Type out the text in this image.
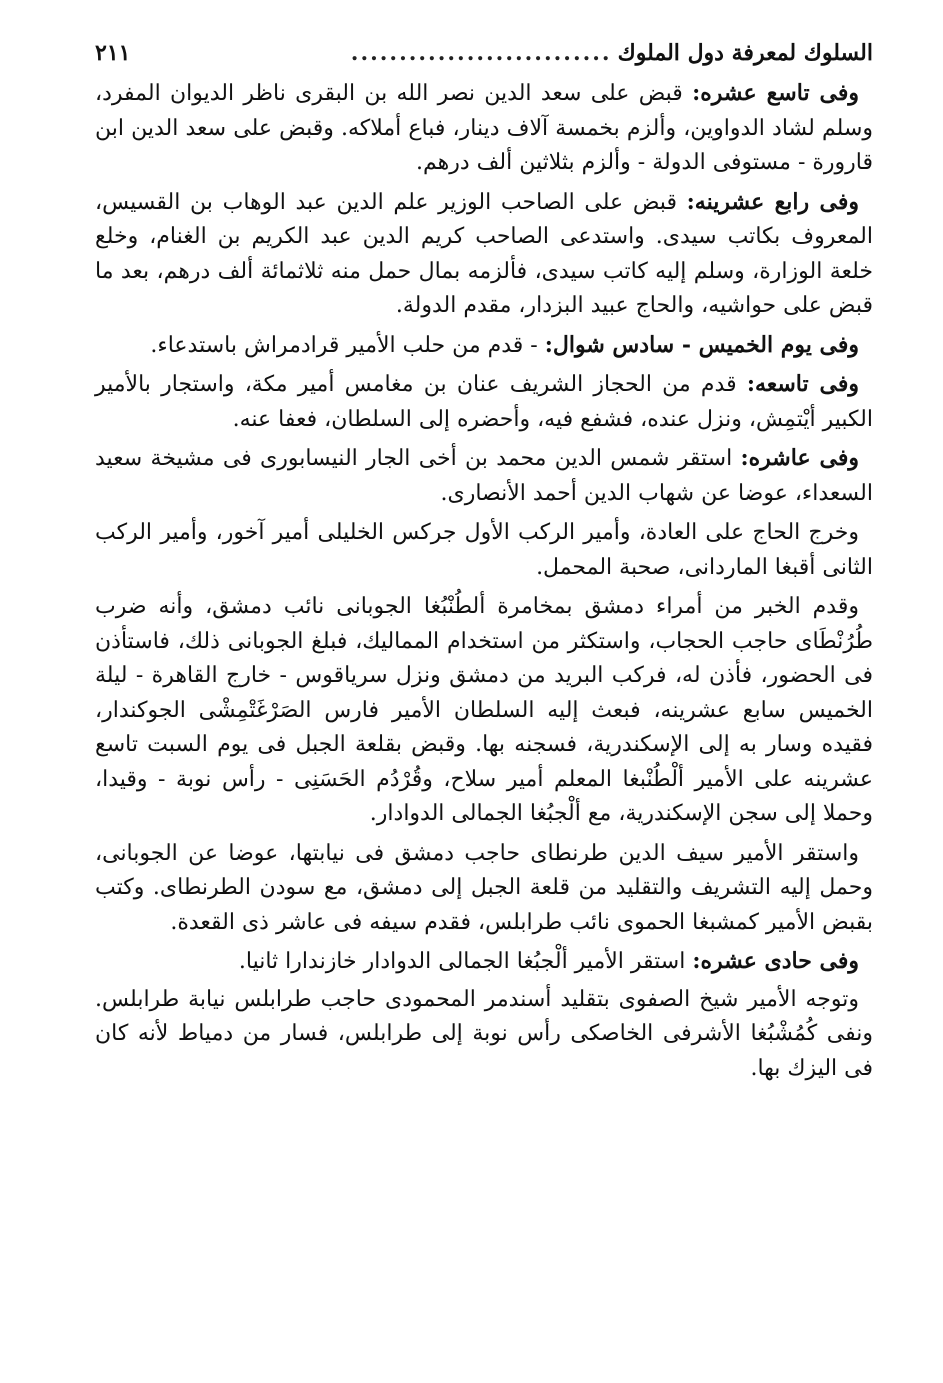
السلوك لمعرفة دول الملوك
...........................
٢١١

وفى تاسع عشره: قبض على سعد الدين نصر الله بن البقرى ناظر الديوان المفرد، وسلم لشاد الدواوين، وألزم بخمسة آلاف دينار، فباع أملاكه. وقبض على سعد الدين ابن قارورة - مستوفى الدولة - وألزم بثلاثين ألف درهم.

وفى رابع عشرينه: قبض على الصاحب الوزير علم الدين عبد الوهاب بن القسيس، المعروف بكاتب سيدى. واستدعى الصاحب كريم الدين عبد الكريم بن الغنام، وخلع خلعة الوزارة، وسلم إليه كاتب سيدى، فألزمه بمال حمل منه ثلاثمائة ألف درهم، بعد ما قبض على حواشيه، والحاج عبيد البزدار، مقدم الدولة.

وفى يوم الخميس - سادس شوال: - قدم من حلب الأمير قرادمراش باستدعاء.

وفى تاسعه: قدم من الحجاز الشريف عنان بن مغامس أمير مكة، واستجار بالأمير الكبير أيْتمِش، ونزل عنده، فشفع فيه، وأحضره إلى السلطان، فعفا عنه.

وفى عاشره: استقر شمس الدين محمد بن أخى الجار النيسابورى فى مشيخة سعيد السعداء، عوضا عن شهاب الدين أحمد الأنصارى.

وخرج الحاج على العادة، وأمير الركب الأول جركس الخليلى أمير آخور، وأمير الركب الثانى أقبغا الماردانى، صحبة المحمل.

وقدم الخبر من أمراء دمشق بمخامرة ألطُنْبُغا الجوبانى نائب دمشق، وأنه ضرب طُرُنْطَاى حاجب الحجاب، واستكثر من استخدام المماليك، فبلغ الجوبانى ذلك، فاستأذن فى الحضور، فأذن له، فركب البريد من دمشق ونزل سرياقوس - خارج القاهرة - ليلة الخميس سابع عشرينه، فبعث إليه السلطان الأمير فارس الصَرْغَتْمِشْى الجوكندار، فقيده وسار به إلى الإسكندرية، فسجنه بها. وقبض بقلعة الجبل فى يوم السبت تاسع عشرينه على الأمير ألْطُنْبغا المعلم أمير سلاح، وقُرْدُم الحَسَنِى - رأس نوبة - وقيدا، وحملا إلى سجن الإسكندرية، مع ألْجبُغا الجمالى الدوادار.

واستقر الأمير سيف الدين طرنطاى حاجب دمشق فى نيابتها، عوضا عن الجوبانى، وحمل إليه التشريف والتقليد من قلعة الجبل إلى دمشق، مع سودن الطرنطاى. وكتب بقبض الأمير كمشبغا الحموى نائب طرابلس، فقدم سيفه فى عاشر ذى القعدة.

وفى حادى عشره: استقر الأمير ألْجبُغا الجمالى الدوادار خازندارا ثانيا.

وتوجه الأمير شيخ الصفوى بتقليد أسندمر المحمودى حاجب طرابلس نيابة طرابلس. ونفى كُمُشْبُغا الأشرفى الخاصكى رأس نوبة إلى طرابلس، فسار من دمياط لأنه كان فى اليزك بها.
